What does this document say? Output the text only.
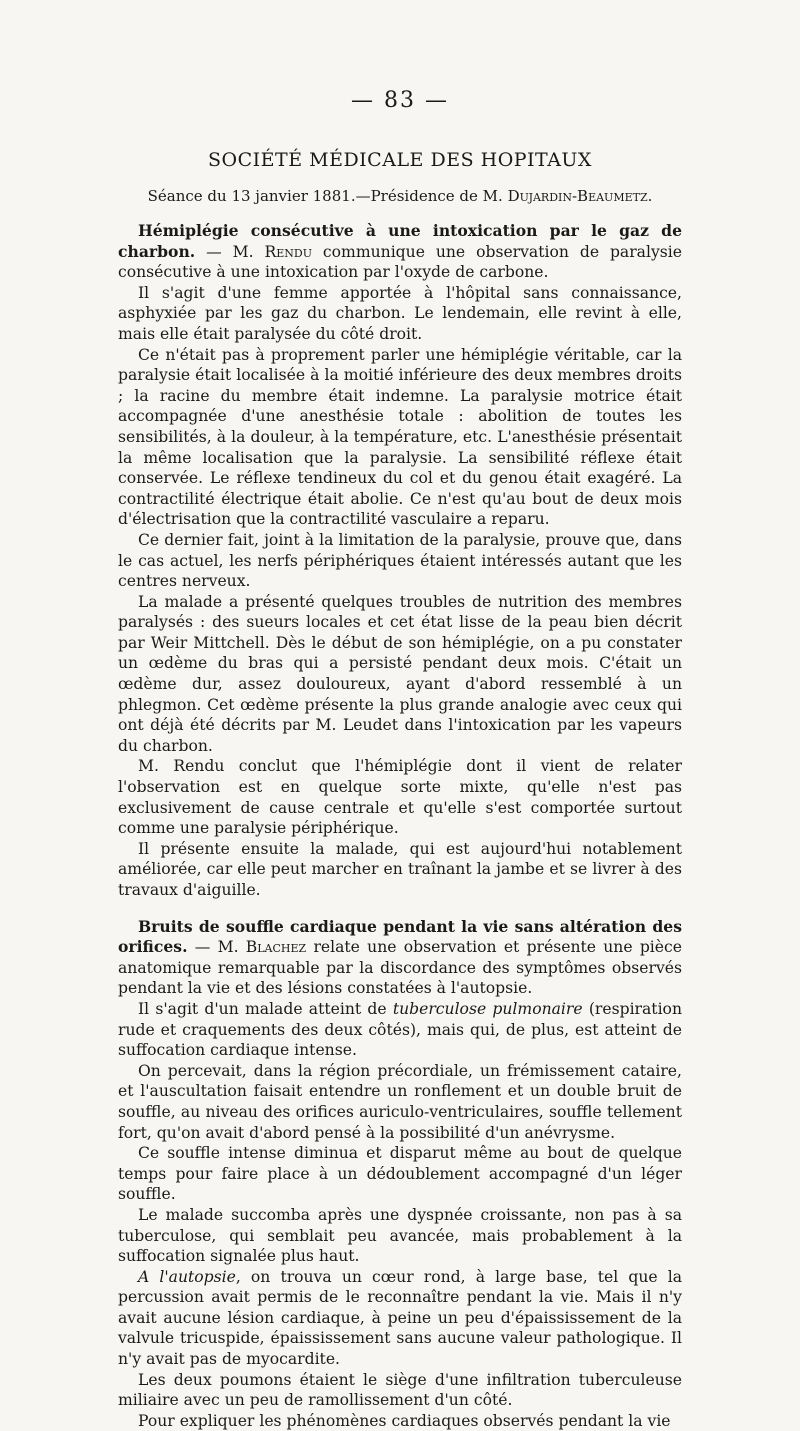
— 83 —
SOCIÉTÉ MÉDICALE DES HOPITAUX
Séance du 13 janvier 1881.—Présidence de M. Dujardin-Beaumetz.

Hémiplégie consécutive à une intoxication par le gaz de charbon. — M. Rendu communique une observation de paralysie consécutive à une intoxication par l'oxyde de carbone.

Il s'agit d'une femme apportée à l'hôpital sans connaissance, asphyxiée par les gaz du charbon. Le lendemain, elle revint à elle, mais elle était paralysée du côté droit.

Ce n'était pas à proprement parler une hémiplégie véritable, car la paralysie était localisée à la moitié inférieure des deux membres droits ; la racine du membre était indemne. La paralysie motrice était accompagnée d'une anesthésie totale : abolition de toutes les sensibilités, à la douleur, à la température, etc. L'anesthésie présentait la même localisation que la paralysie. La sensibilité réflexe était conservée. Le réflexe tendineux du col et du genou était exagéré. La contractilité électrique était abolie. Ce n'est qu'au bout de deux mois d'électrisation que la contractilité vasculaire a reparu.

Ce dernier fait, joint à la limitation de la paralysie, prouve que, dans le cas actuel, les nerfs périphériques étaient intéressés autant que les centres nerveux.

La malade a présenté quelques troubles de nutrition des membres paralysés : des sueurs locales et cet état lisse de la peau bien décrit par Weir Mittchell. Dès le début de son hémiplégie, on a pu constater un œdème du bras qui a persisté pendant deux mois. C'était un œdème dur, assez douloureux, ayant d'abord ressemblé à un phlegmon. Cet œdème présente la plus grande analogie avec ceux qui ont déjà été décrits par M. Leudet dans l'intoxication par les vapeurs du charbon.

M. Rendu conclut que l'hémiplégie dont il vient de relater l'observation est en quelque sorte mixte, qu'elle n'est pas exclusivement de cause centrale et qu'elle s'est comportée surtout comme une paralysie périphérique.

Il présente ensuite la malade, qui est aujourd'hui notablement améliorée, car elle peut marcher en traînant la jambe et se livrer à des travaux d'aiguille.

Bruits de souffle cardiaque pendant la vie sans altération des orifices. — M. Blachez relate une observation et présente une pièce anatomique remarquable par la discordance des symptômes observés pendant la vie et des lésions constatées à l'autopsie.

Il s'agit d'un malade atteint de tuberculose pulmonaire (respiration rude et craquements des deux côtés), mais qui, de plus, est atteint de suffocation cardiaque intense.

On percevait, dans la région précordiale, un frémissement cataire, et l'auscultation faisait entendre un ronflement et un double bruit de souffle, au niveau des orifices auriculo-ventriculaires, souffle tellement fort, qu'on avait d'abord pensé à la possibilité d'un anévrysme.

Ce souffle intense diminua et disparut même au bout de quelque temps pour faire place à un dédoublement accompagné d'un léger souffle.

Le malade succomba après une dyspnée croissante, non pas à sa tuberculose, qui semblait peu avancée, mais probablement à la suffocation signalée plus haut.

A l'autopsie, on trouva un cœur rond, à large base, tel que la percussion avait permis de le reconnaître pendant la vie. Mais il n'y avait aucune lésion cardiaque, à peine un peu d'épaississement de la valvule tricuspide, épaississement sans aucune valeur pathologique. Il n'y avait pas de myocardite.

Les deux poumons étaient le siège d'une infiltration tuberculeuse miliaire avec un peu de ramollissement d'un côté.

Pour expliquer les phénomènes cardiaques observés pendant la vie
